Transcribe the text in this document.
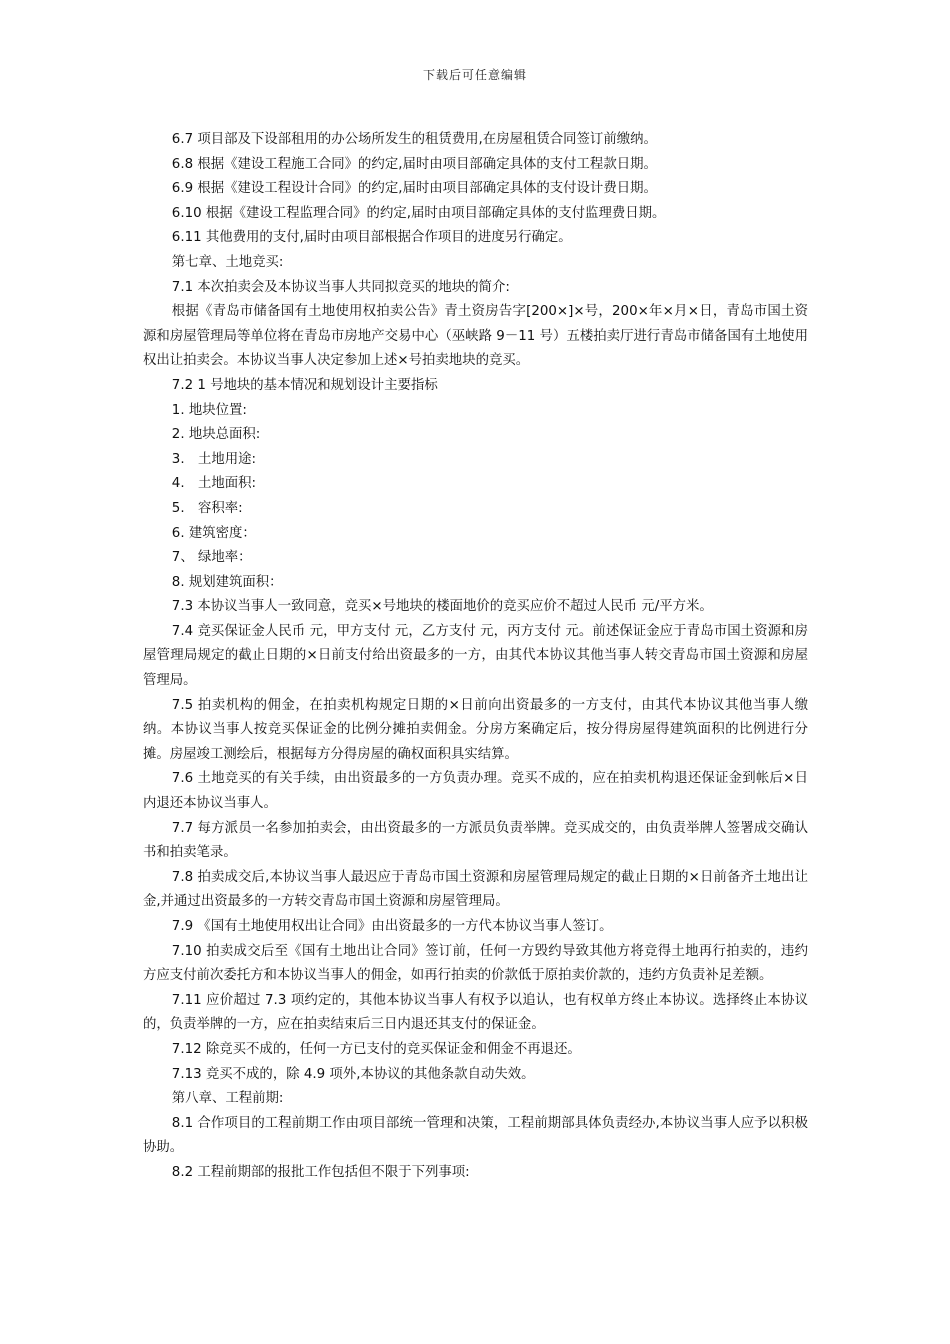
下载后可任意编辑

6.7 项目部及下设部租用的办公场所发生的租赁费用,在房屋租赁合同签订前缴纳。

6.8 根据《建设工程施工合同》的约定,届时由项目部确定具体的支付工程款日期。

6.9 根据《建设工程设计合同》的约定,届时由项目部确定具体的支付设计费日期。

6.10 根据《建设工程监理合同》的约定,届时由项目部确定具体的支付监理费日期。

6.11 其他费用的支付,届时由项目部根据合作项目的进度另行确定。

第七章、土地竞买:

7.1 本次拍卖会及本协议当事人共同拟竞买的地块的简介:

根据《青岛市储备国有土地使用权拍卖公告》青土资房告字[200×]×号，200×年×月×日，青岛市国土资源和房屋管理局等单位将在青岛市房地产交易中心（巫峡路 9－11 号）五楼拍卖厅进行青岛市储备国有土地使用权出让拍卖会。本协议当事人决定参加上述×号拍卖地块的竞买。

7.2 1 号地块的基本情况和规划设计主要指标

1. 地块位置:

2. 地块总面积:

3.　土地用途:

4.　土地面积:

5.　容积率:

6. 建筑密度：

7、 绿地率：

8. 规划建筑面积：

7.3 本协议当事人一致同意，竞买×号地块的楼面地价的竞买应价不超过人民币 元/平方米。

7.4 竞买保证金人民币 元，甲方支付 元，乙方支付 元，丙方支付 元。前述保证金应于青岛市国土资源和房屋管理局规定的截止日期的×日前支付给出资最多的一方，由其代本协议其他当事人转交青岛市国土资源和房屋管理局。

7.5 拍卖机构的佣金，在拍卖机构规定日期的×日前向出资最多的一方支付，由其代本协议其他当事人缴纳。本协议当事人按竞买保证金的比例分摊拍卖佣金。分房方案确定后，按分得房屋得建筑面积的比例进行分摊。房屋竣工测绘后，根据每方分得房屋的确权面积具实结算。

7.6 土地竞买的有关手续，由出资最多的一方负责办理。竞买不成的，应在拍卖机构退还保证金到帐后×日内退还本协议当事人。

7.7 每方派员一名参加拍卖会，由出资最多的一方派员负责举牌。竞买成交的，由负责举牌人签署成交确认书和拍卖笔录。

7.8 拍卖成交后,本协议当事人最迟应于青岛市国土资源和房屋管理局规定的截止日期的×日前备齐土地出让金,并通过出资最多的一方转交青岛市国土资源和房屋管理局。

7.9 《国有土地使用权出让合同》由出资最多的一方代本协议当事人签订。

7.10 拍卖成交后至《国有土地出让合同》签订前，任何一方毁约导致其他方将竞得土地再行拍卖的，违约方应支付前次委托方和本协议当事人的佣金，如再行拍卖的价款低于原拍卖价款的，违约方负责补足差额。

7.11 应价超过 7.3 项约定的，其他本协议当事人有权予以追认，也有权单方终止本协议。选择终止本协议的，负责举牌的一方，应在拍卖结束后三日内退还其支付的保证金。

7.12 除竞买不成的，任何一方已支付的竞买保证金和佣金不再退还。

7.13 竞买不成的，除 4.9 项外,本协议的其他条款自动失效。

第八章、工程前期:

8.1 合作项目的工程前期工作由项目部统一管理和决策，工程前期部具体负责经办,本协议当事人应予以积极协助。

8.2 工程前期部的报批工作包括但不限于下列事项:
